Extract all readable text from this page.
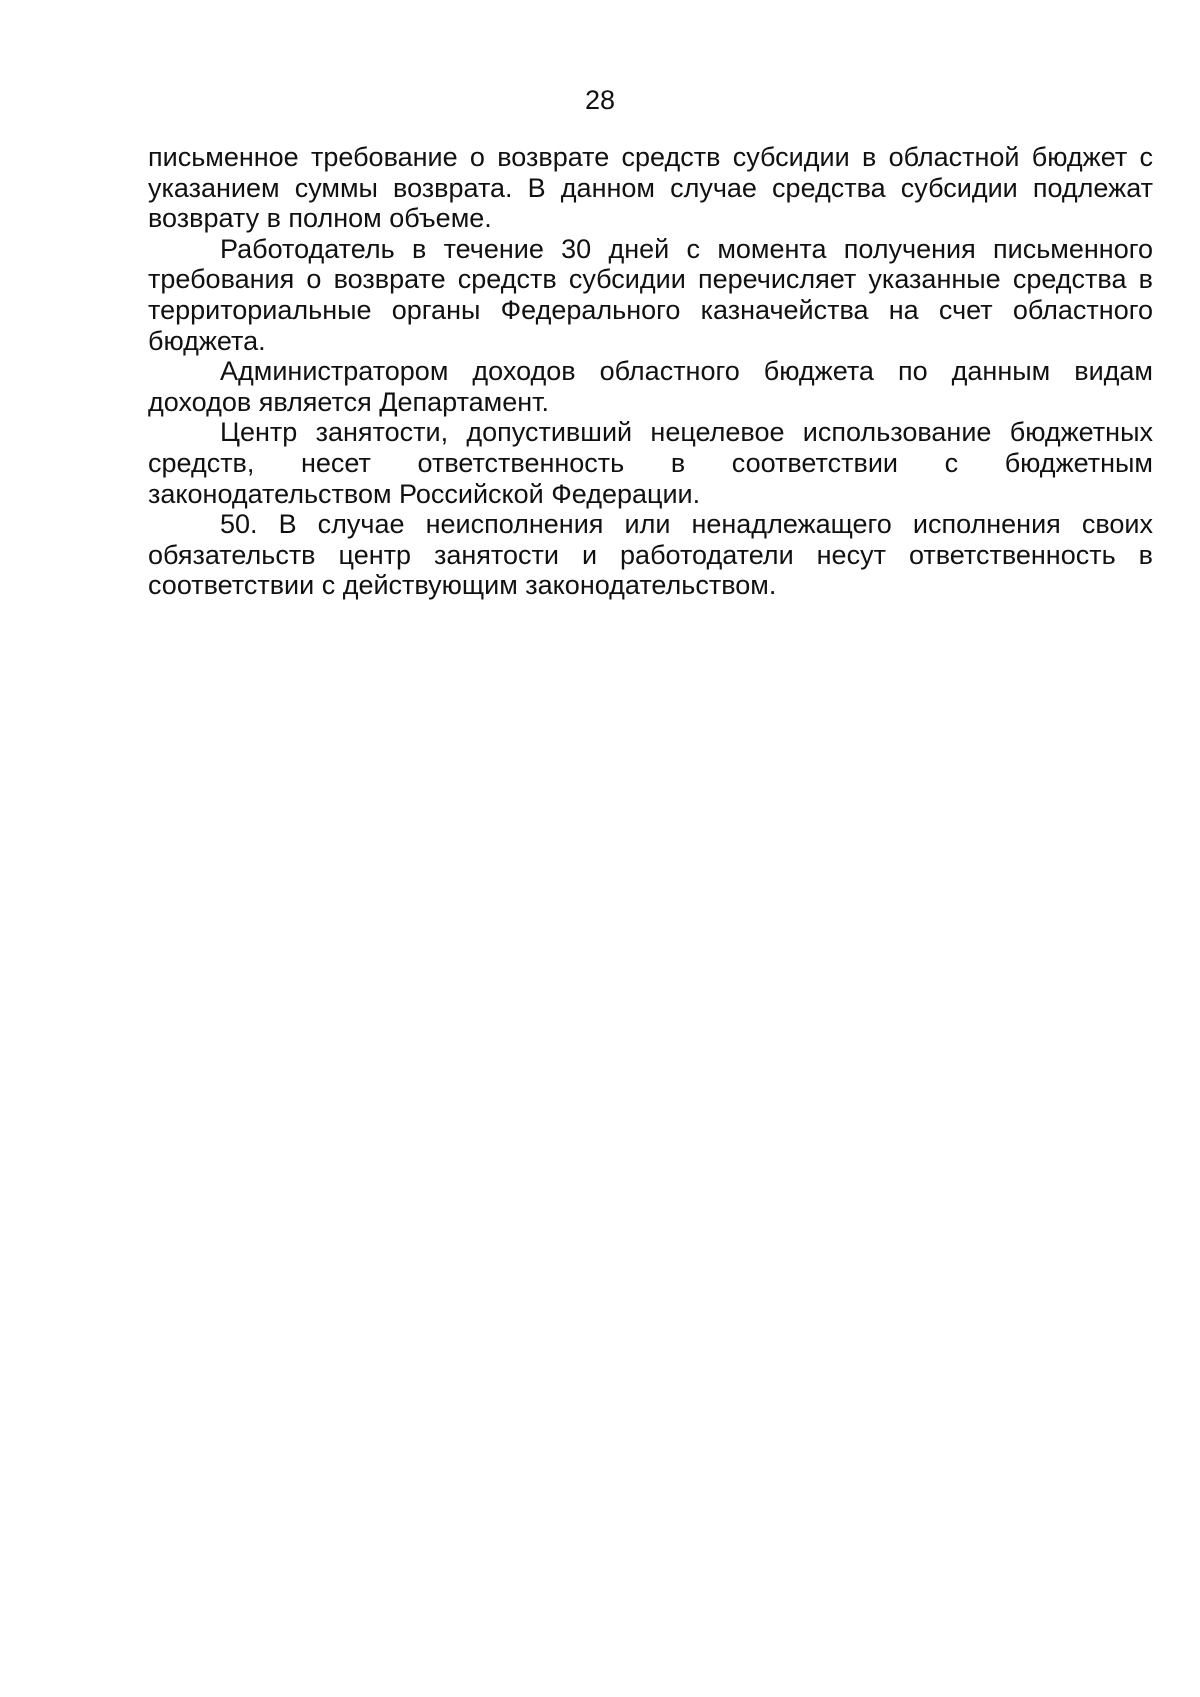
28

письменное требование о возврате средств субсидии в областной бюджет с указанием суммы возврата. В данном случае средства субсидии подлежат возврату в полном объеме.

Работодатель в течение 30 дней с момента получения письменного требования о возврате средств субсидии перечисляет указанные средства в территориальные органы Федерального казначейства на счет областного бюджета.

Администратором доходов областного бюджета по данным видам доходов является Департамент.

Центр занятости, допустивший нецелевое использование бюджетных средств, несет ответственность в соответствии с бюджетным законодательством Российской Федерации.

50. В случае неисполнения или ненадлежащего исполнения своих обязательств центр занятости и работодатели несут ответственность в соответствии с действующим законодательством.
